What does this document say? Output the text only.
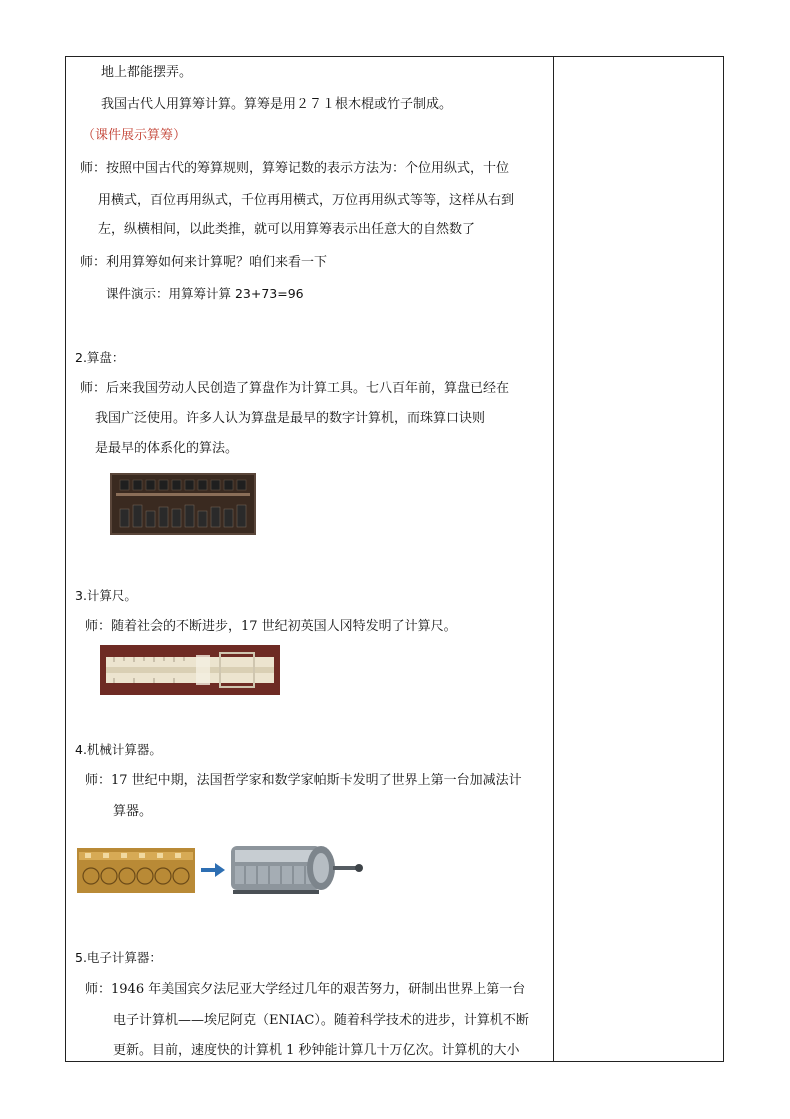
地上都能摆弄。
我国古代人用算筹计算。算筹是用２７１根木棍或竹子制成。
（课件展示算筹）
师：按照中国古代的筹算规则，算筹记数的表示方法为：个位用纵式，十位
用横式，百位再用纵式，千位再用横式，万位再用纵式等等，这样从右到
左，纵横相间，以此类推，就可以用算筹表示出任意大的自然数了
师：利用算筹如何来计算呢？咱们来看一下
课件演示：用算筹计算 23+73=96
2.算盘：
师：后来我国劳动人民创造了算盘作为计算工具。七八百年前，算盘已经在
我国广泛使用。许多人认为算盘是最早的数字计算机，而珠算口诀则
是最早的体系化的算法。
3.计算尺。
师：随着社会的不断进步，17 世纪初英国人冈特发明了计算尺。
4.机械计算器。
师：17 世纪中期，法国哲学家和数学家帕斯卡发明了世界上第一台加减法计
算器。
5.电子计算器：
师：1946 年美国宾夕法尼亚大学经过几年的艰苦努力，研制出世界上第一台
电子计算机——埃尼阿克（ENIAC）。随着科学技术的进步，计算机不断
更新。目前，速度快的计算机 1 秒钟能计算几十万亿次。计算机的大小
